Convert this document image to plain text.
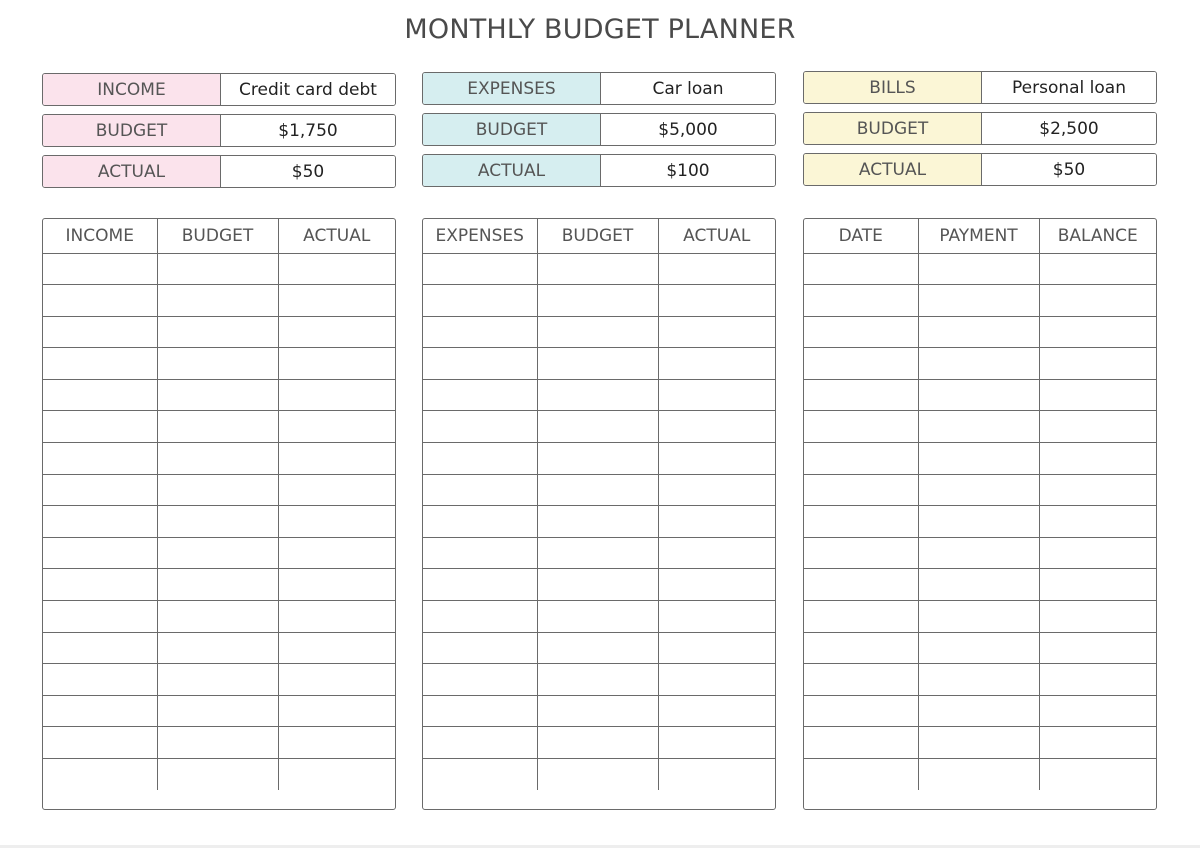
MONTHLY BUDGET PLANNER
INCOME	Credit card debt
BUDGET	$1,750
ACTUAL	$50
EXPENSES	Car loan
BUDGET	$5,000
ACTUAL	$100
BILLS	Personal loan
BUDGET	$2,500
ACTUAL	$50
INCOME	BUDGET	ACTUAL

			EXPENSES	BUDGET	ACTUAL

			DATE	PAYMENT	BALANCE
